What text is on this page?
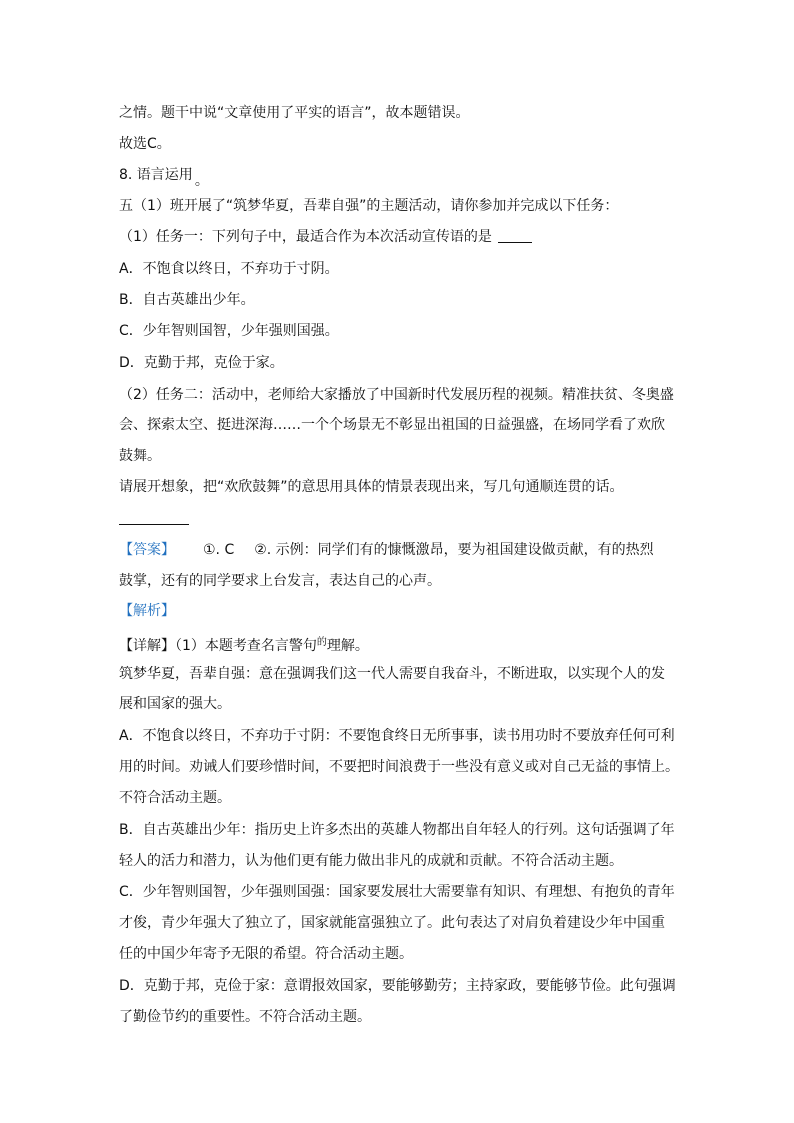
之情。题干中说“文章使用了平实的语言”，故本题错误。
故选C。
8. 语言运用 。
五（1）班开展了“筑梦华夏，吾辈自强”的主题活动，请你参加并完成以下任务：
（1）任务一：下列句子中，最适合作为本次活动宣传语的是
A．不饱食以终日，不弃功于寸阴。
B．自古英雄出少年。
C．少年智则国智，少年强则国强。
D．克勤于邦，克俭于家。
（2）任务二：活动中，老师给大家播放了中国新时代发展历程的视频。精准扶贫、冬奥盛
会、探索太空、挺进深海……一个个场景无不彰显出祖国的日益强盛，在场同学看了欢欣
鼓舞。
请展开想象，把“欢欣鼓舞”的意思用具体的情景表现出来，写几句通顺连贯的话。
【答案】 ①. C ②. 示例：同学们有的慷慨激昂，要为祖国建设做贡献，有的热烈
鼓掌，还有的同学要求上台发言，表达自己的心声。
【解析】
【详解】（1）本题考查名言警句$^的$理解。
筑梦华夏，吾辈自强：意在强调我们这一代人需要自我奋斗，不断进取，以实现个人的发
展和国家的强大。
A．不饱食以终日，不弃功于寸阴：不要饱食终日无所事事，读书用功时不要放弃任何可利
用的时间。劝诫人们要珍惜时间，不要把时间浪费于一些没有意义或对自己无益的事情上。
不符合活动主题。
B．自古英雄出少年：指历史上许多杰出的英雄人物都出自年轻人的行列。这句话强调了年
轻人的活力和潜力，认为他们更有能力做出非凡的成就和贡献。不符合活动主题。
C．少年智则国智，少年强则国强：国家要发展壮大需要靠有知识、有理想、有抱负的青年
才俊，青少年强大了独立了，国家就能富强独立了。此句表达了对肩负着建设少年中国重
任的中国少年寄予无限的希望。符合活动主题。
D．克勤于邦，克俭于家：意谓报效国家，要能够勤劳；主持家政，要能够节俭。此句强调
了勤俭节约的重要性。不符合活动主题。
